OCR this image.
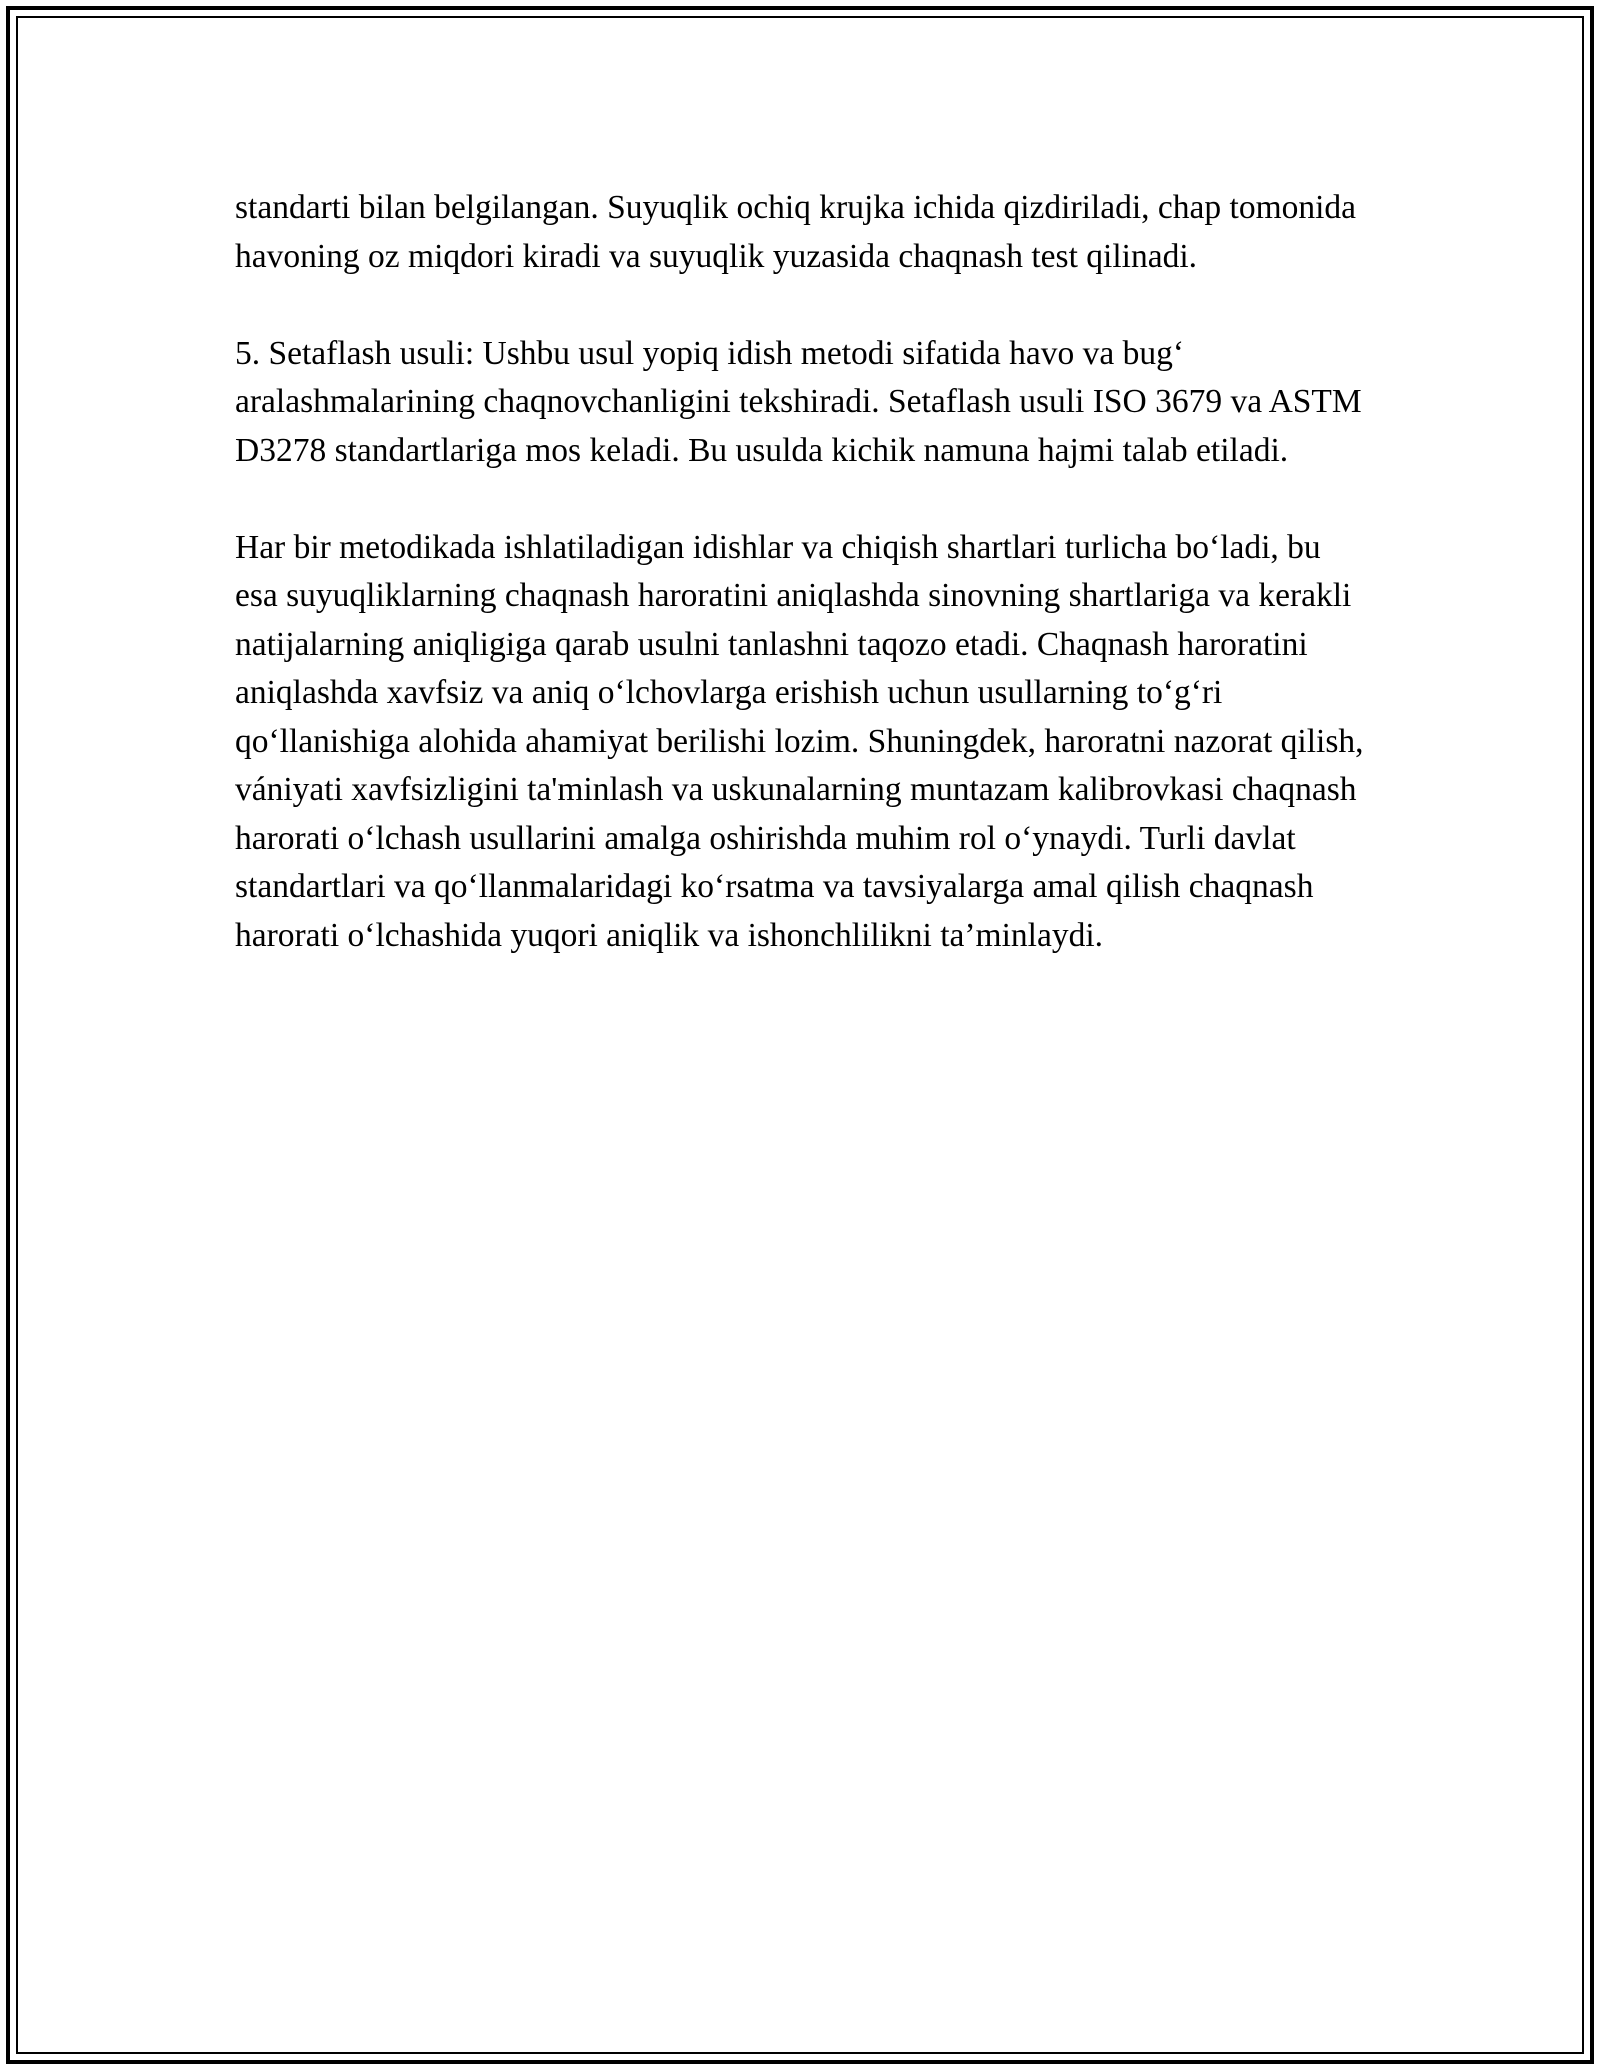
standarti bilan belgilangan. Suyuqlik ochiq krujka ichida qizdiriladi, chap tomonida havoning oz miqdori kiradi va suyuqlik yuzasida chaqnash test qilinadi.

5. Setaflash usuli: Ushbu usul yopiq idish metodi sifatida havo va bug‘ aralashmalarining chaqnovchanligini tekshiradi. Setaflash usuli ISO 3679 va ASTM D3278 standartlariga mos keladi. Bu usulda kichik namuna hajmi talab etiladi.

Har bir metodikada ishlatiladigan idishlar va chiqish shartlari turlicha bo‘ladi, bu esa suyuqliklarning chaqnash haroratini aniqlashda sinovning shartlariga va kerakli natijalarning aniqligiga qarab usulni tanlashni taqozo etadi. Chaqnash haroratini aniqlashda xavfsiz va aniq o‘lchovlarga erishish uchun usullarning to‘g‘ri qo‘llanishiga alohida ahamiyat berilishi lozim. Shuningdek, haroratni nazorat qilish, vániyati xavfsizligini ta'minlash va uskunalarning muntazam kalibrovkasi chaqnash harorati o‘lchash usullarini amalga oshirishda muhim rol o‘ynaydi. Turli davlat standartlari va qo‘llanmalaridagi ko‘rsatma va tavsiyalarga amal qilish chaqnash harorati o‘lchashida yuqori aniqlik va ishonchlilikni ta’minlaydi.
